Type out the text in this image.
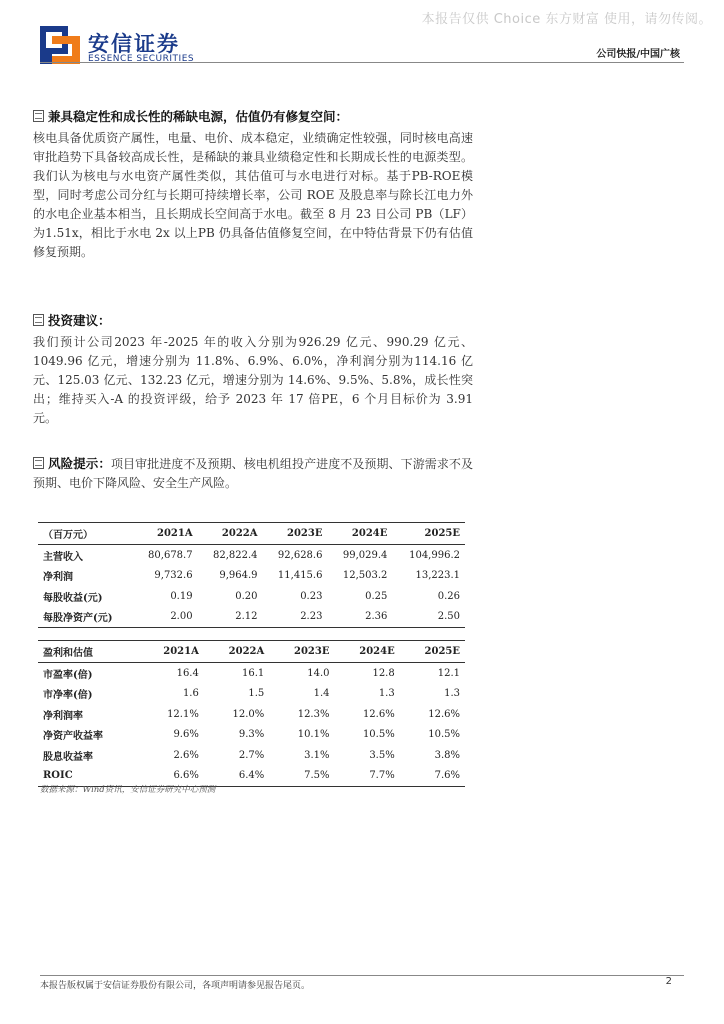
本报告仅供 Choice 东方财富 使用，请勿传阅。
安信证券
ESSENCE SECURITIES	公司快报/中国广核
兼具稳定性和成长性的稀缺电源，估值仍有修复空间：

核电具备优质资产属性，电量、电价、成本稳定，业绩确定性较强，同时核电高速审批趋势下具备较高成长性，是稀缺的兼具业绩稳定性和长期成长性的电源类型。我们认为核电与水电资产属性类似，其估值可与水电进行对标。基于PB-ROE模型，同时考虑公司分红与长期可持续增长率，公司 ROE 及股息率与除长江电力外的水电企业基本相当，且长期成长空间高于水电。截至 8 月 23 日公司 PB（LF）为1.51x，相比于水电 2x 以上PB 仍具备估值修复空间，在中特估背景下仍有估值修复预期。

投资建议：

我们预计公司2023 年-2025 年的收入分别为926.29 亿元、990.29 亿元、1049.96 亿元，增速分别为 11.8%、6.9%、6.0%，净利润分别为114.16 亿元、125.03 亿元、132.23 亿元，增速分别为 14.6%、9.5%、5.8%，成长性突出；维持买入-A 的投资评级，给予 2023 年 17 倍PE，6 个月目标价为 3.91 元。

风险提示：项目审批进度不及预期、核电机组投产进度不及预期、下游需求不及预期、电价下降风险、安全生产风险。

（百万元）	2021A	2022A	2023E	2024E	2025E
主营收入	80,678.7	82,822.4	92,628.6	99,029.4	104,996.2
净利润	9,732.6	9,964.9	11,415.6	12,503.2	13,223.1
每股收益(元)	0.19	0.20	0.23	0.25	0.26
每股净资产(元)	2.00	2.12	2.23	2.36	2.50
盈利和估值	2021A	2022A	2023E	2024E	2025E
市盈率(倍)	16.4	16.1	14.0	12.8	12.1
市净率(倍)	1.6	1.5	1.4	1.3	1.3
净利润率	12.1%	12.0%	12.3%	12.6%	12.6%
净资产收益率	9.6%	9.3%	10.1%	10.5%	10.5%
股息收益率	2.6%	2.7%	3.1%	3.5%	3.8%
ROIC	6.6%	6.4%	7.5%	7.7%	7.6%
数据来源：Wind资讯，安信证券研究中心预测
本报告版权属于安信证券股份有限公司，各项声明请参见报告尾页。	2
